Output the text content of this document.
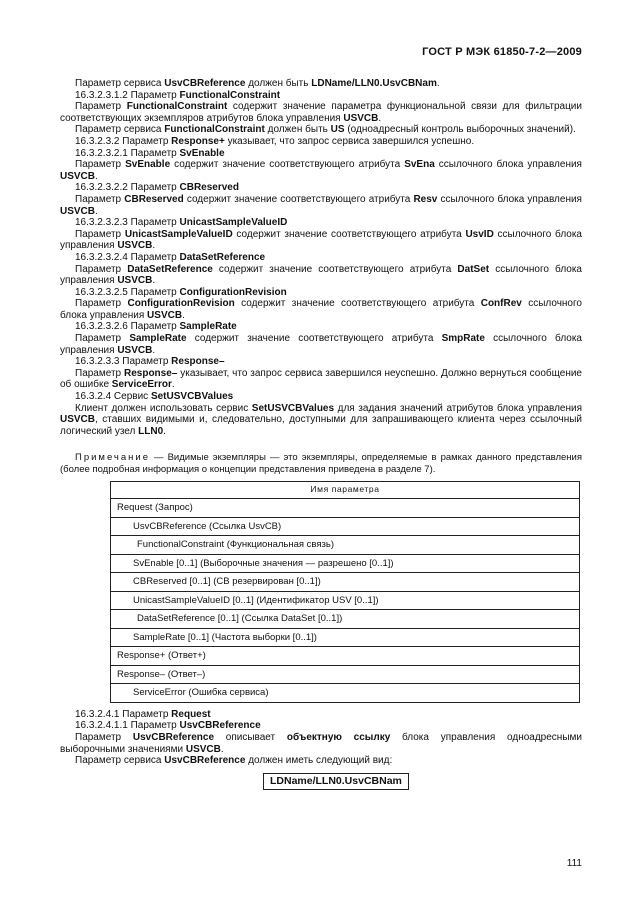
ГОСТ Р МЭК 61850-7-2—2009
Параметр сервиса UsvCBReference должен быть LDName/LLN0.UsvCBNam.
16.3.2.3.1.2 Параметр FunctionalConstraint
Параметр FunctionalConstraint содержит значение параметра функциональной связи для фильтрации соответствующих экземпляров атрибутов блока управления USVCB.
Параметр сервиса FunctionalConstraint должен быть US (одноадресный контроль выборочных значений).
16.3.2.3.2 Параметр Response+ указывает, что запрос сервиса завершился успешно.
16.3.2.3.2.1 Параметр SvEnable
Параметр SvEnable содержит значение соответствующего атрибута SvEna ссылочного блока управления USVCB.
16.3.2.3.2.2 Параметр CBReserved
Параметр CBReserved содержит значение соответствующего атрибута Resv ссылочного блока управления USVCB.
16.3.2.3.2.3 Параметр UnicastSampleValueID
Параметр UnicastSampleValueID содержит значение соответствующего атрибута UsvID ссылочного блока управления USVCB.
16.3.2.3.2.4 Параметр DataSetReference
Параметр DataSetReference содержит значение соответствующего атрибута DatSet ссылочного блока управления USVCB.
16.3.2.3.2.5 Параметр ConfigurationRevision
Параметр ConfigurationRevision содержит значение соответствующего атрибута ConfRev ссылочного блока управления USVCB.
16.3.2.3.2.6 Параметр SampleRate
Параметр SampleRate содержит значение соответствующего атрибута SmpRate ссылочного блока управления USVCB.
16.3.2.3.3 Параметр Response–
Параметр Response– указывает, что запрос сервиса завершился неуспешно. Должно вернуться сообщение об ошибке ServiceError.
16.3.2.4 Сервис SetUSVCBValues
Клиент должен использовать сервис SetUSVCBValues для задания значений атрибутов блока управления USVCB, ставших видимыми и, следовательно, доступными для запрашивающего клиента через ссылочный логический узел LLN0.
Примечание — Видимые экземпляры — это экземпляры, определяемые в рамках данного представления (более подробная информация о концепции представления приведена в разделе 7).
Имя параметра
Request (Запрос)
UsvCBReference (Ссылка UsvCB)
FunctionalConstraint (Функциональная связь)
SvEnable [0..1] (Выборочные значения — разрешено [0..1])
CBReserved [0..1] (CB резервирован [0..1])
UnicastSampleValueID [0..1] (Идентификатор USV [0..1])
DataSetReference [0..1] (Ссылка DataSet [0..1])
SampleRate [0..1] (Частота выборки [0..1])
Response+ (Ответ+)
Response– (Ответ–)
ServiceError (Ошибка сервиса)
16.3.2.4.1 Параметр Request
16.3.2.4.1.1 Параметр UsvCBReference
Параметр UsvCBReference описывает объектную ссылку блока управления одноадресными выборочными значениями USVCB.
Параметр сервиса UsvCBReference должен иметь следующий вид:
LDName/LLN0.UsvCBNam
111
